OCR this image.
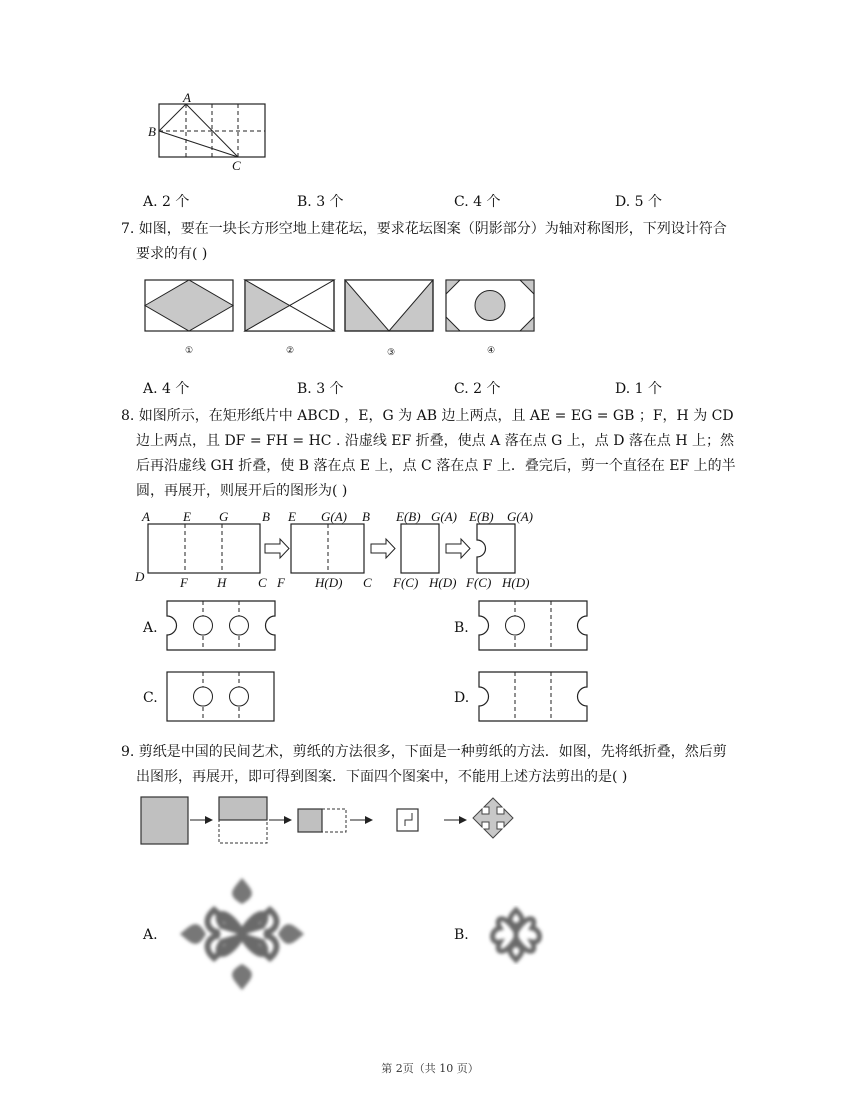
A
B
C
A. 2 个	B. 3 个	C. 4 个	D. 5 个
7. 如图，要在一块长方形空地上建花坛，要求花坛图案（阴影部分）为轴对称图形，下列设计符合
要求的有( )
①	②	③	④
A. 4 个	B. 3 个	C. 2 个	D. 1 个
8. 如图所示，在矩形纸片中 ABCD ，E，G 为 AB 边上两点，且 AE = EG = GB ；F，H 为 CD
边上两点，且 DF = FH = HC . 沿虚线 EF 折叠，使点 A 落在点 G 上，点 D 落在点 H 上；然
后再沿虚线 GH 折叠，使 B 落在点 E 上，点 C 落在点 F 上．叠完后，剪一个直径在 EF 上的半
圆，再展开，则展开后的图形为( )
A	E G	B
D	F H C
E G(A) B
F H(D) C
E(B) G(A)
F(C) H(D)
E(B) G(A)
F(C) H(D)
A.	B.
C.	D.
9. 剪纸是中国的民间艺术，剪纸的方法很多，下面是一种剪纸的方法．如图，先将纸折叠，然后剪
出图形，再展开，即可得到图案．下面四个图案中，不能用上述方法剪出的是( )
A.	B.
第 2页（共 10 页）
